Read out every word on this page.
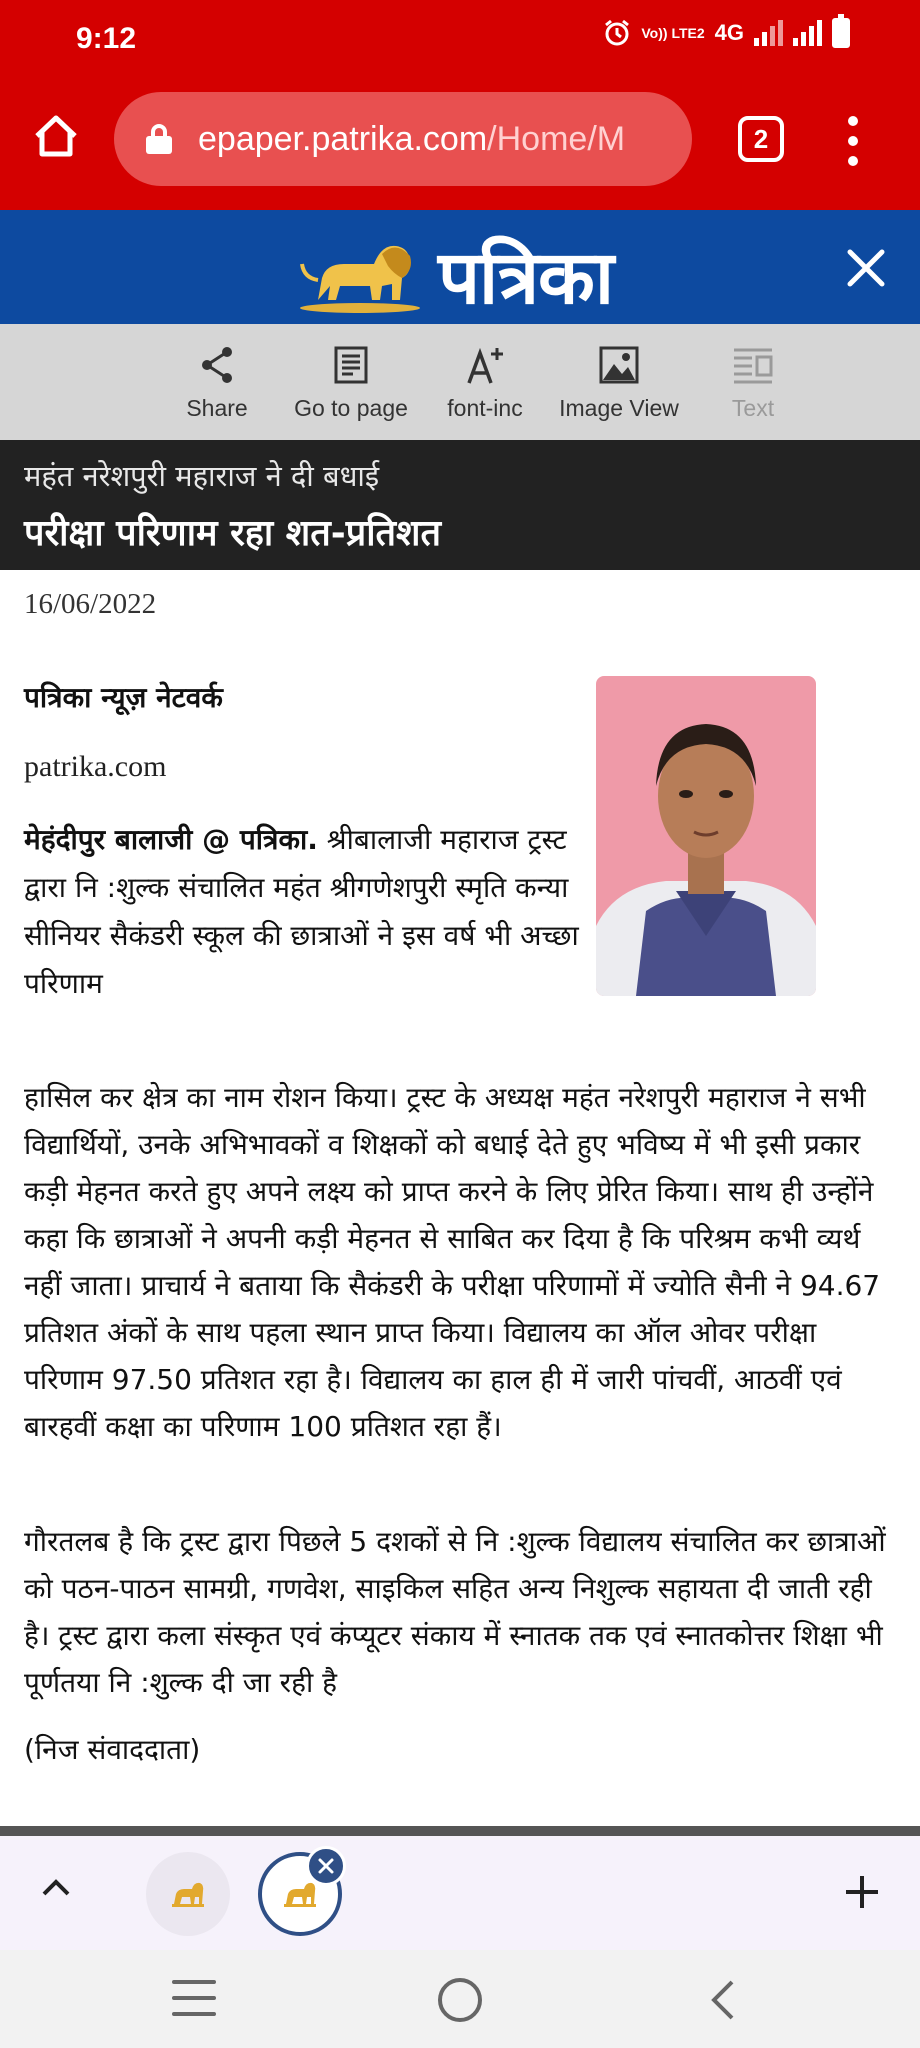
9:12	Vo)) LTE2 4G
epaper.patrika.com/Home/M	2
पत्रिका
Share Go to page font-inc Image View Text
महंत नरेशपुरी महाराज ने दी बधाई
परीक्षा परिणाम रहा शत-प्रतिशत
16/06/2022
पत्रिका न्यूज़ नेटवर्क
patrika.com
मेहंदीपुर बालाजी @ पत्रिका. श्रीबालाजी महाराज ट्रस्ट द्वारा नि :शुल्क संचालित महंत श्रीगणेशपुरी स्मृति कन्या सीनियर सैकंडरी स्कूल की छात्राओं ने इस वर्ष भी अच्छा परिणाम
हासिल कर क्षेत्र का नाम रोशन किया। ट्रस्ट के अध्यक्ष महंत नरेशपुरी महाराज ने सभी विद्यार्थियों, उनके अभिभावकों व शिक्षकों को बधाई देते हुए भविष्य में भी इसी प्रकार कड़ी मेहनत करते हुए अपने लक्ष्य को प्राप्त करने के लिए प्रेरित किया। साथ ही उन्होंने कहा कि छात्राओं ने अपनी कड़ी मेहनत से साबित कर दिया है कि परिश्रम कभी व्यर्थ नहीं जाता। प्राचार्य ने बताया कि सैकंडरी के परीक्षा परिणामों में ज्योति सैनी ने 94.67 प्रतिशत अंकों के साथ पहला स्थान प्राप्त किया। विद्यालय का ऑल ओवर परीक्षा परिणाम 97.50 प्रतिशत रहा है। विद्यालय का हाल ही में जारी पांचवीं, आठवीं एवं बारहवीं कक्षा का परिणाम 100 प्रतिशत रहा हैं।
गौरतलब है कि ट्रस्ट द्वारा पिछले 5 दशकों से नि :शुल्क विद्यालय संचालित कर छात्राओं को पठन-पाठन सामग्री, गणवेश, साइकिल सहित अन्य निशुल्क सहायता दी जाती रही है। ट्रस्ट द्वारा कला संस्कृत एवं कंप्यूटर संकाय में स्नातक तक एवं स्नातकोत्तर शिक्षा भी पूर्णतया नि :शुल्क दी जा रही है
(निज संवाददाता)
